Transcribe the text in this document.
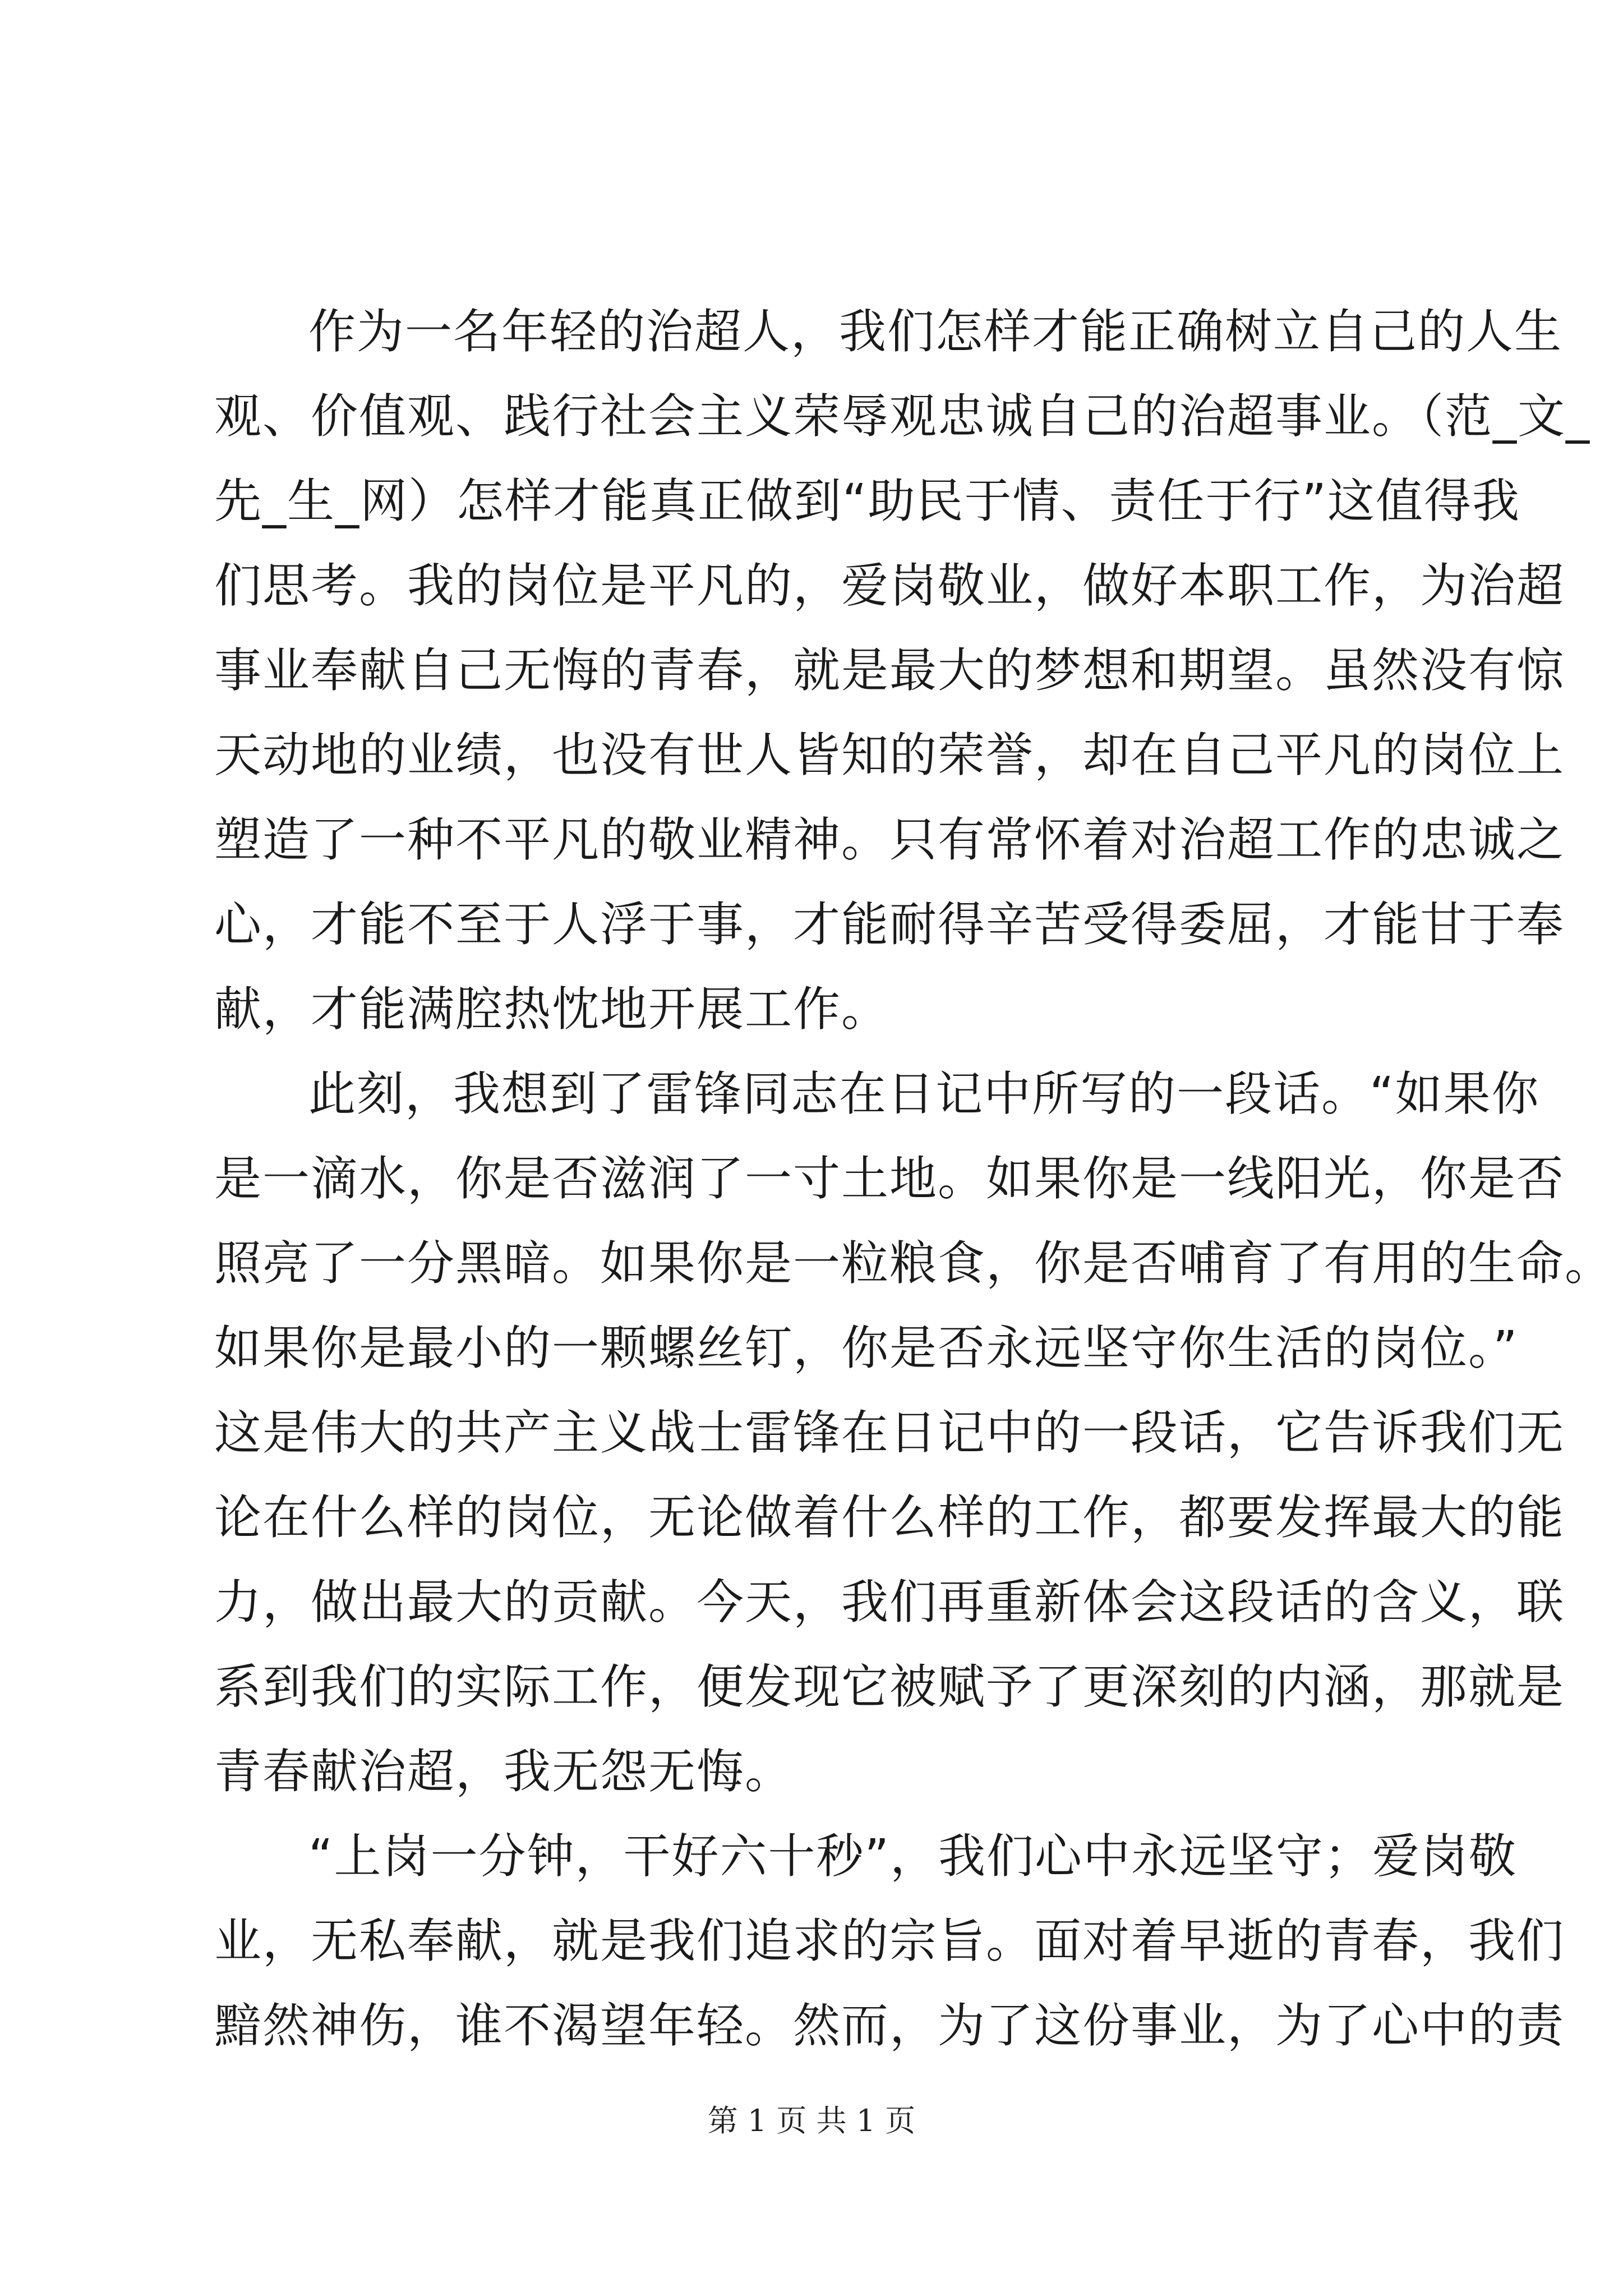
作为一名年轻的治超人，我们怎样才能正确树立自己的人生
观、价值观、践行社会主义荣辱观忠诚自己的治超事业。（范_文_
先_生_网）怎样才能真正做到“助民于情、责任于行”这值得我
们思考。我的岗位是平凡的，爱岗敬业，做好本职工作，为治超
事业奉献自己无悔的青春，就是最大的梦想和期望。虽然没有惊
天动地的业绩，也没有世人皆知的荣誉，却在自己平凡的岗位上
塑造了一种不平凡的敬业精神。只有常怀着对治超工作的忠诚之
心，才能不至于人浮于事，才能耐得辛苦受得委屈，才能甘于奉
献，才能满腔热忱地开展工作。
此刻，我想到了雷锋同志在日记中所写的一段话。“如果你
是一滴水，你是否滋润了一寸土地。如果你是一线阳光，你是否
照亮了一分黑暗。如果你是一粒粮食，你是否哺育了有用的生命。
如果你是最小的一颗螺丝钉，你是否永远坚守你生活的岗位。”
这是伟大的共产主义战士雷锋在日记中的一段话，它告诉我们无
论在什么样的岗位，无论做着什么样的工作，都要发挥最大的能
力，做出最大的贡献。今天，我们再重新体会这段话的含义，联
系到我们的实际工作，便发现它被赋予了更深刻的内涵，那就是
青春献治超，我无怨无悔。
“上岗一分钟，干好六十秒”，我们心中永远坚守；爱岗敬
业，无私奉献，就是我们追求的宗旨。面对着早逝的青春，我们
黯然神伤，谁不渴望年轻。然而，为了这份事业，为了心中的责
第 1 页 共 1 页
